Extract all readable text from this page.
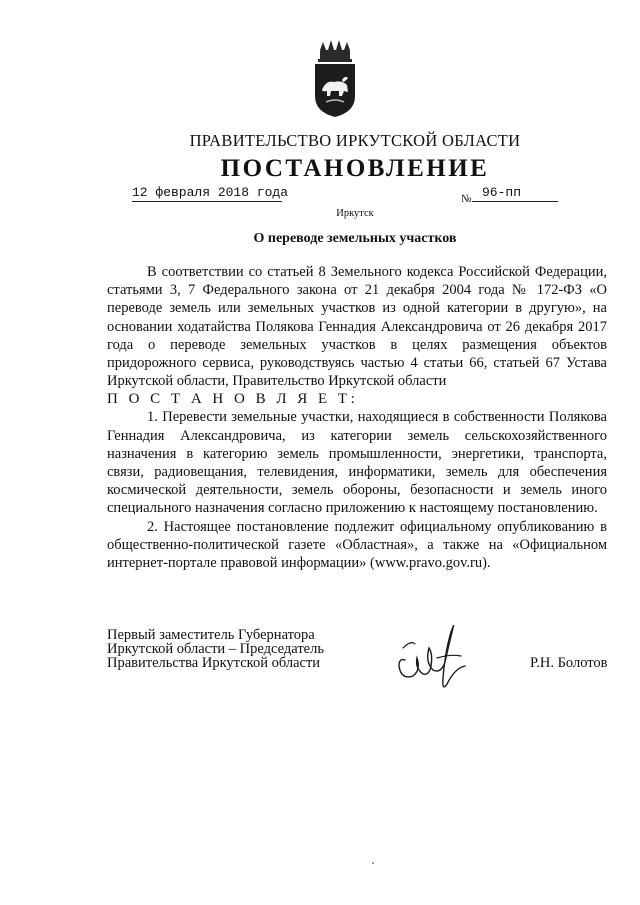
ПРАВИТЕЛЬСТВО ИРКУТСКОЙ ОБЛАСТИ
ПОСТАНОВЛЕНИЕ
12 февраля 2018 года	№ 96-пп
Иркутск
О переводе земельных участков

В соответствии со статьей 8 Земельного кодекса Российской Федерации, статьями 3, 7 Федерального закона от 21 декабря 2004 года № 172-ФЗ «О переводе земель или земельных участков из одной категории в другую», на основании ходатайства Полякова Геннадия Александровича от 26 декабря 2017 года о переводе земельных участков в целях размещения объектов придорожного сервиса, руководствуясь частью 4 статьи 66, статьей 67 Устава Иркутской области, Правительство Иркутской области

П О С Т А Н О В Л Я Е Т:

1. Перевести земельные участки, находящиеся в собственности Полякова Геннадия Александровича, из категории земель сельскохозяйственного назначения в категорию земель промышленности, энергетики, транспорта, связи, радиовещания, телевидения, информатики, земель для обеспечения космической деятельности, земель обороны, безопасности и земель иного специального назначения согласно приложению к настоящему постановлению.

2. Настоящее постановление подлежит официальному опубликованию в общественно-политической газете «Областная», а также на «Официальном интернет-портале правовой информации» (www.pravo.gov.ru).

Первый заместитель Губернатора
Иркутской области – Председатель
Правительства Иркутской области	Р.Н. Болотов
